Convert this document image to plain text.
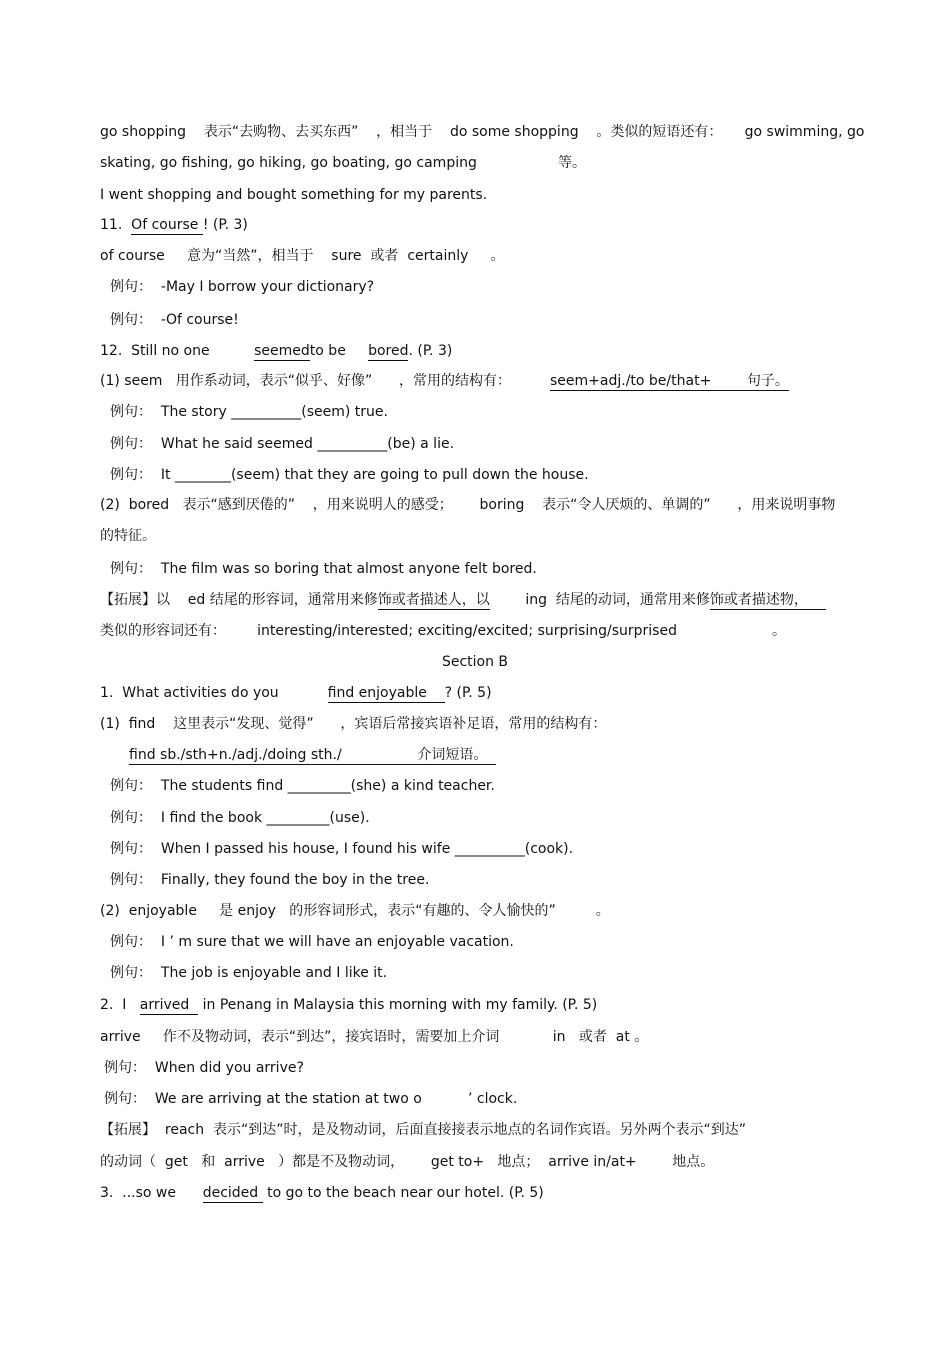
go shopping    表示“去购物、去买东西”    ，相当于    do some shopping    。类似的短语还有：     go swimming, go
skating, go fishing, go hiking, go boating, go camping	等。
I went shopping and bought something for my parents.
11. Of course ! (P. 3)
of course     意为“当然”，相当于    sure  或者  certainly     。
例句：  -May I borrow your dictionary?
例句：  -Of course!
12.  Still no one	seemedto be bored. (P. 3)
(1) seem   用作系动词，表示“似乎、好像”      ，常用的结构有：	seem+adj./to be/that+        句子。
例句：  The story __________(seem) true.
例句：  What he said seemed __________(be) a lie.
例句：  It ________(seem) that they are going to pull down the house.
(2)  bored   表示“感到厌倦的”    ，用来说明人的感受；      boring    表示“令人厌烦的、单调的”      ，用来说明事物
的特征。
例句：  The film was so boring that almost anyone felt bored.
【拓展】以    ed 结尾的形容词，通常用来修饰或者描述人，以        ing  结尾的动词，通常用来修饰或者描述物，
类似的形容词还有：       interesting/interested; exciting/excited; surprising/surprised	。
Section B
1.  What activities do you	find enjoyable    ? (P. 5)
(1)  find    这里表示“发现、觉得”      ，宾语后常接宾语补足语，常用的结构有：
find sb./sth+n./adj./doing sth./                 介词短语。
例句：  The students find _________(she) a kind teacher.
例句：  I find the book _________(use).
例句：  When I passed his house, I found his wife __________(cook).
例句：  Finally, they found the boy in the tree.
(2)  enjoyable     是 enjoy   的形容词形式，表示“有趣的、令人愉快的”         。
例句：  I ’ m sure that we will have an enjoyable vacation.
例句：  The job is enjoyable and I like it.
2.  I arrived   in Penang in Malaysia this morning with my family. (P. 5)
arrive     作不及物动词，表示“到达”，接宾语时，需要加上介词            in   或者  at 。
例句：  When did you arrive?
例句：  We are arriving at the station at two o	’ clock.
【拓展】  reach  表示“到达”时，是及物动词，后面直接接表示地点的名词作宾语。另外两个表示“到达”
的动词（  get   和  arrive   ）都是不及物动词，      get to+   地点；  arrive in/at+        地点。
3.  ...so we decided  to go to the beach near our hotel. (P. 5)
